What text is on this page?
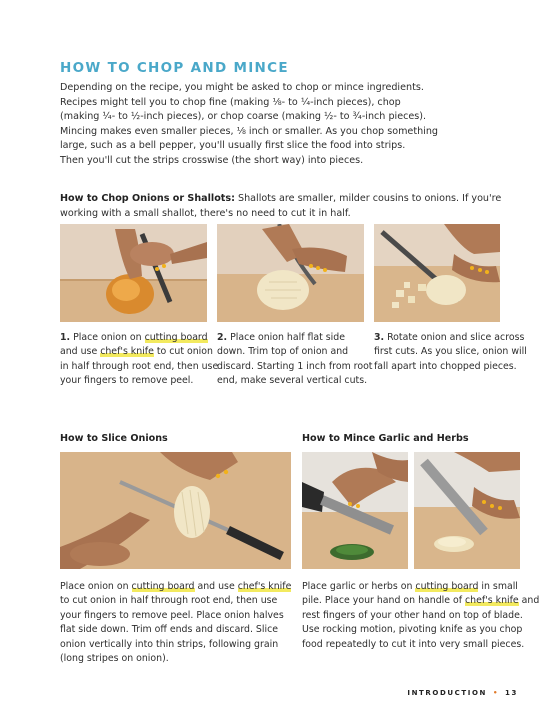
HOW TO CHOP AND MINCE
Depending on the recipe, you might be asked to chop or mince ingredients.
Recipes might tell you to chop fine (making ⅛- to ¼-inch pieces), chop
(making ¼- to ½-inch pieces), or chop coarse (making ½- to ¾-inch pieces).
Mincing makes even smaller pieces, ⅛ inch or smaller. As you chop something
large, such as a bell pepper, you'll usually first slice the food into strips.
Then you'll cut the strips crosswise (the short way) into pieces.
How to Chop Onions or Shallots: Shallots are smaller, milder cousins to onions. If you're
working with a small shallot, there's no need to cut it in half.
1. Place onion on cutting board
and use chef's knife to cut onion
in half through root end, then use
your fingers to remove peel.
2. Place onion half flat side
down. Trim top of onion and
discard. Starting 1 inch from root
end, make several vertical cuts.
3. Rotate onion and slice across
first cuts. As you slice, onion will
fall apart into chopped pieces.
How to Slice Onions
Place onion on cutting board and use chef's knife
to cut onion in half through root end, then use
your fingers to remove peel. Place onion halves
flat side down. Trim off ends and discard. Slice
onion vertically into thin strips, following grain
(long stripes on onion).
How to Mince Garlic and Herbs
Place garlic or herbs on cutting board in small
pile. Place your hand on handle of chef's knife and
rest fingers of your other hand on top of blade.
Use rocking motion, pivoting knife as you chop
food repeatedly to cut it into very small pieces.
INTRODUCTION • 13
